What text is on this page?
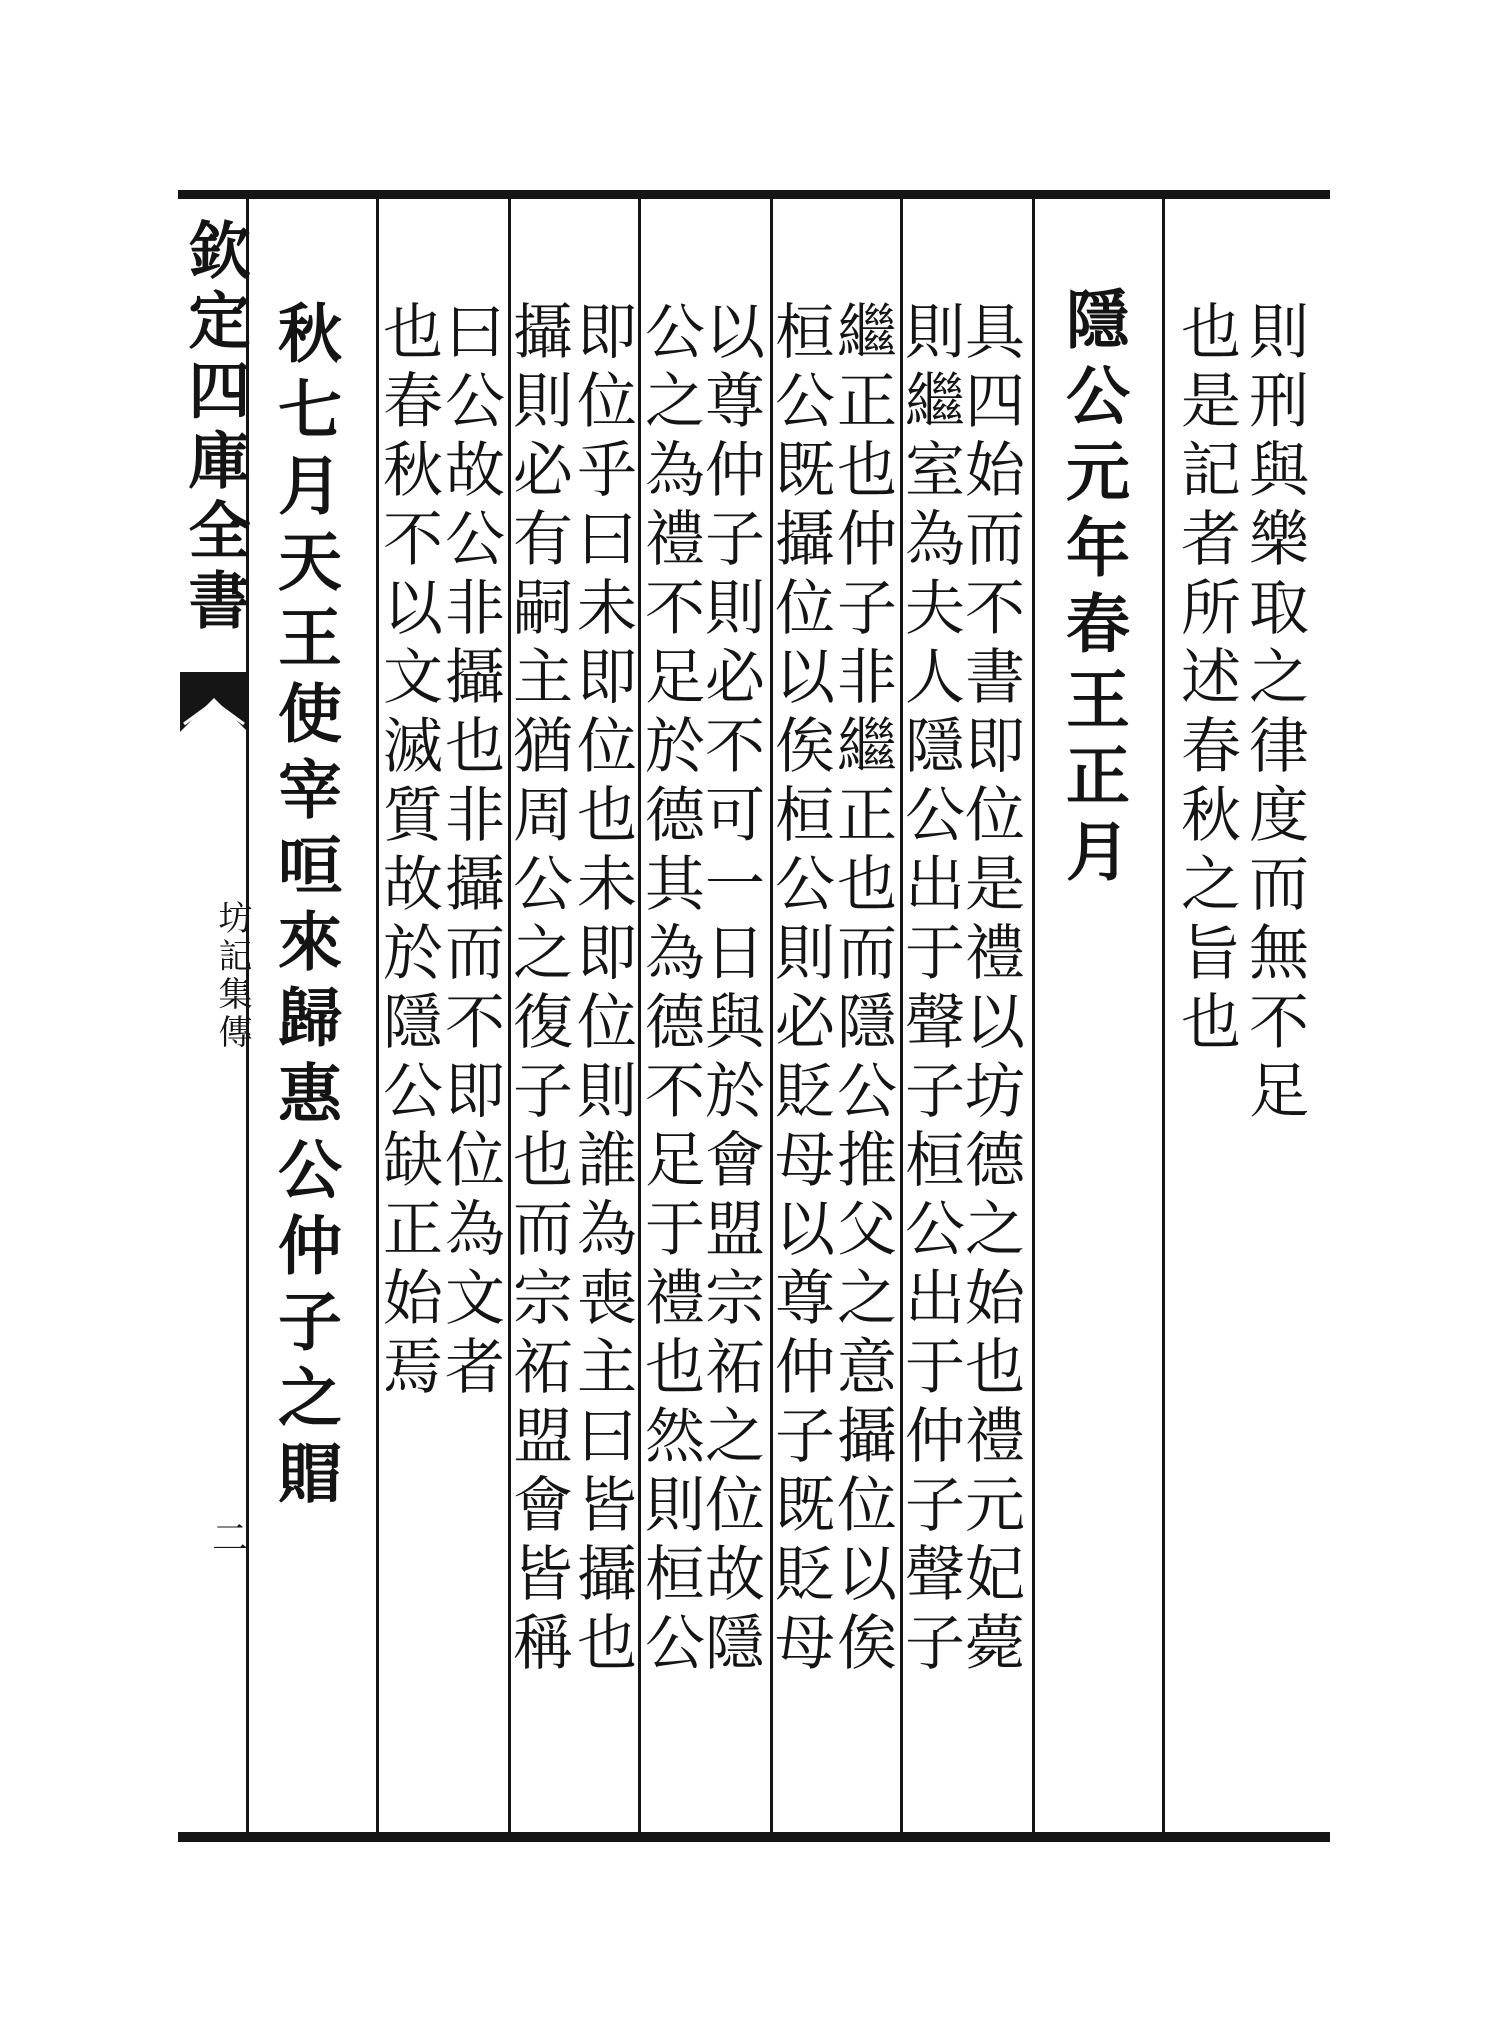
欽定四庫全書
坊記集傳
二
則刑與樂取之律度而無不足
也是記者所述春秋之旨也
隱公元年春王正月
具四始而不書即位是禮以坊德之始也禮元妃薨
則繼室為夫人隱公出于聲子桓公出于仲子聲子
繼正也仲子非繼正也而隱公推父之意攝位以俟
桓公既攝位以俟桓公則必貶母以尊仲子既貶母
以尊仲子則必不可一日與於會盟宗祏之位故隱
公之為禮不足於德其為德不足于禮也然則桓公
即位乎曰未即位也未即位則誰為喪主曰皆攝也
攝則必有嗣主猶周公之復子也而宗祏盟會皆稱
曰公故公非攝也非攝而不即位為文者
也春秋不以文滅質故於隱公缺正始焉
秋七月天王使宰咺來歸惠公仲子之賵
